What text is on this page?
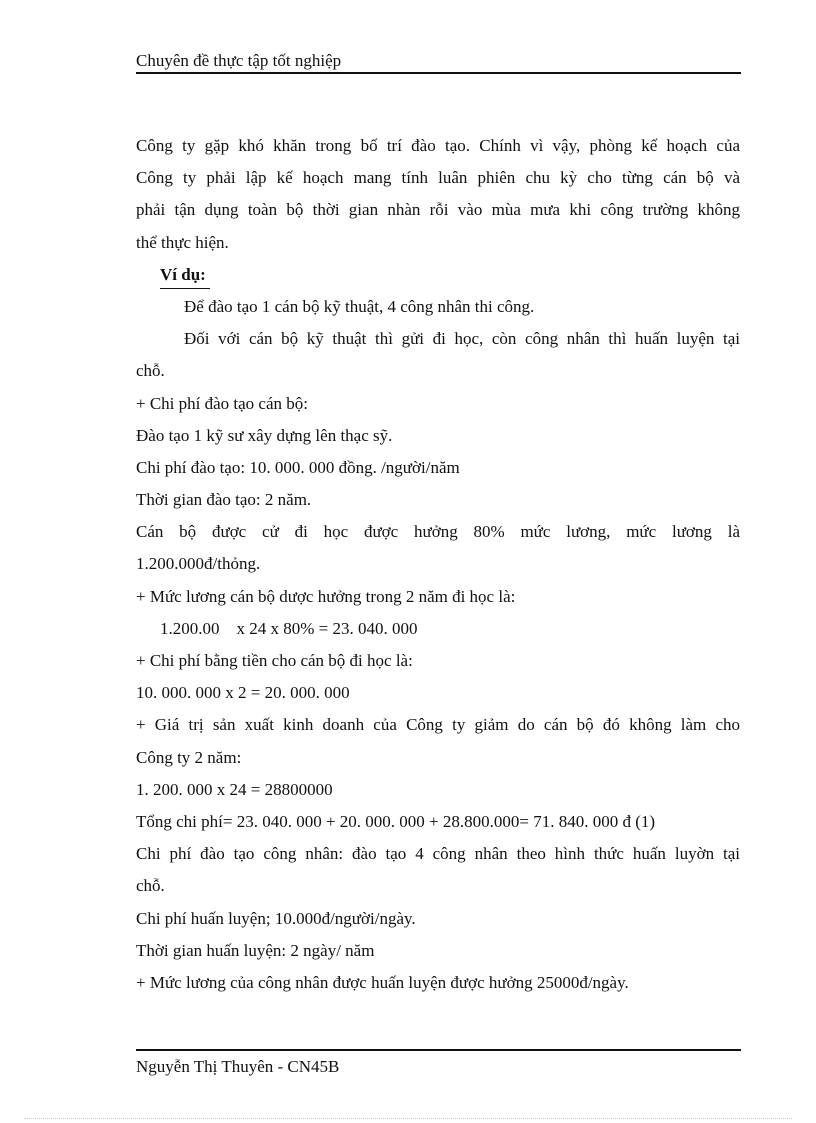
Chuyên đề thực tập tốt nghiệp
Công ty gặp khó khăn trong bố trí đào tạo. Chính vì vậy, phòng kế hoạch của
Công ty phải lập kế hoạch mang tính luân phiên chu kỳ cho từng cán bộ và
phải tận dụng toàn bộ thời gian nhàn rỗi vào mùa mưa khi công trường không
thể thực hiện.
Ví dụ:
Để đào tạo 1 cán bộ kỹ thuật, 4 công nhân thi công.
Đối với cán bộ kỹ thuật thì gửi đi học, còn công nhân thì huấn luyện tại
chỗ.
+ Chi phí đào tạo cán bộ:
Đào tạo 1 kỹ sư xây dựng lên thạc sỹ.
Chi phí đào tạo: 10. 000. 000 đồng. /người/năm
Thời gian đào tạo: 2 năm.
Cán bộ được cử đi học được hưởng 80% mức lương, mức lương là
1.200.000đ/thỏng.
+ Mức lương cán bộ dược hưởng trong 2 năm đi học là:
1.200.00    x 24 x 80% = 23. 040. 000
+ Chi phí bằng tiền cho cán bộ đi học là:
10. 000. 000 x 2 = 20. 000. 000
+ Giá trị sản xuất kinh doanh của Công ty giảm do cán bộ đó không làm cho
Công ty 2 năm:
1. 200. 000 x 24 = 28800000
Tổng chi phí= 23. 040. 000 + 20. 000. 000 + 28.800.000= 71. 840. 000 đ (1)
Chi phí đào tạo công nhân: đào tạo 4 công nhân theo hình thức huấn luyờn tại
chỗ.
Chi phí huấn luyện; 10.000đ/người/ngày.
Thời gian huấn luyện: 2 ngày/ năm
+ Mức lương của công nhân được huấn luyện được hưởng 25000đ/ngày.
Nguyễn Thị Thuyên - CN45B
